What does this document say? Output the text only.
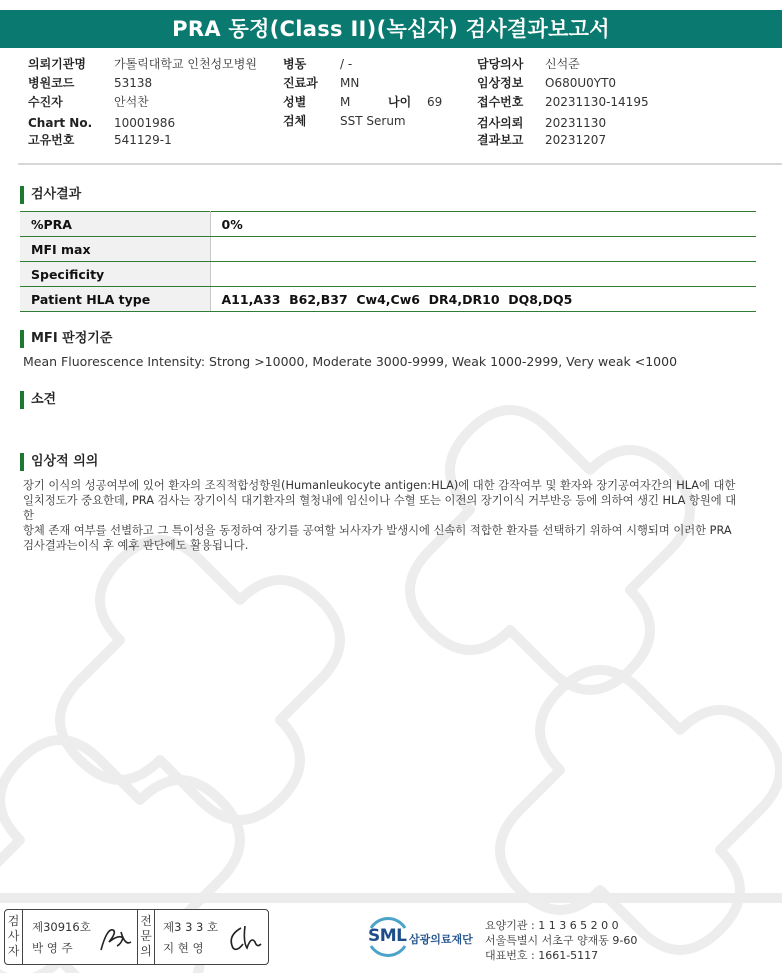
PRA 동정(Class II)(녹십자) 검사결과보고서
의뢰기관명 가톨릭대학교 인천성모병원
병원코드	53138
수진자	안석찬
Chart No. 10001986
고유번호	541129-1
병동	/ -
진료과 MN
성별	M	나이 69
검체	SST Serum
담당의사 신석준
임상정보 O680U0YT0
접수번호 20231130-14195
검사의뢰 20231130
결과보고 20231207
검사결과
%PRA	0%
MFI max	
Specificity	
Patient HLA type	A11,A33  B62,B37  Cw4,Cw6  DR4,DR10  DQ8,DQ5
MFI 판정기준
Mean Fluorescence Intensity: Strong >10000, Moderate 3000-9999, Weak 1000-2999, Very weak <1000
소견
임상적 의의
장기 이식의 성공여부에 있어 환자의 조직적합성항원(Humanleukocyte antigen:HLA)에 대한 감작여부 및 환자와 장기공여자간의 HLA에 대한
일치정도가 중요한데, PRA 검사는 장기이식 대기환자의 혈청내에 임신이나 수혈 또는 이전의 장기이식 거부반응 등에 의하여 생긴 HLA 항원에 대한
항체 존재 여부를 선별하고 그 특이성을 동정하여 장기를 공여할 뇌사자가 발생시에 신속히 적합한 환자를 선택하기 위하여 시행되며 이러한 PRA
검사결과는이식 후 예후 판단에도 활용됩니다.
검
사
자
제30916호
박 영 주
전
문
의
제3 3 3 호
지 현 영
SML 삼광의료재단
요양기관 : 1 1 3 6 5 2 0 0
서울특별시 서초구 양재동 9-60
대표번호 : 1661-5117
